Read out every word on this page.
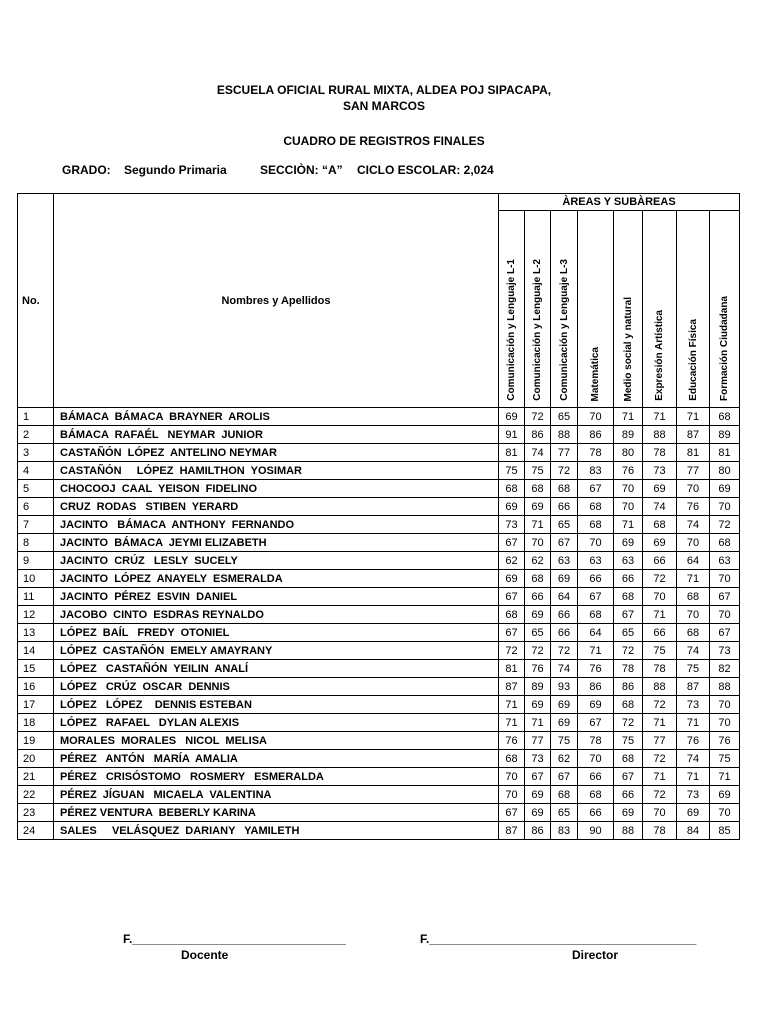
ESCUELA OFICIAL RURAL MIXTA, ALDEA POJ SIPACAPA,
SAN MARCOS
CUADRO DE REGISTROS FINALES
GRADO:    Segundo Primaria	SECCIÒN: “A” CICLO ESCOLAR: 2,024
No.	Nombres y Apellidos	ÀREAS Y SUBÀREAS							

		Comunicación y Lenguaje L-1	Comunicación y Lenguaje L-2	Comunicación y Lenguaje L-3	Matemática	Medio social y natural	Expresión Artística	Educación Física	Formación Ciudadana

1	BÁMACA  BÁMACA  BRAYNER  AROLIS	69	72	65	70	71	71	71	68
2	BÁMACA  RAFAÉL   NEYMAR  JUNIOR	91	86	88	86	89	88	87	89
3	CASTAÑÓN  LÓPEZ  ANTELINO NEYMAR	81	74	77	78	80	78	81	81
4	CASTAÑÓN     LÓPEZ  HAMILTHON  YOSIMAR	75	75	72	83	76	73	77	80
5	CHOCOOJ  CAAL  YEISON  FIDELINO	68	68	68	67	70	69	70	69
6	CRUZ  RODAS   STIBEN  YERARD	69	69	66	68	70	74	76	70
7	JACINTO   BÁMACA  ANTHONY  FERNANDO	73	71	65	68	71	68	74	72
8	JACINTO  BÁMACA  JEYMI ELIZABETH	67	70	67	70	69	69	70	68
9	JACINTO  CRÚZ   LESLY  SUCELY	62	62	63	63	63	66	64	63
10	JACINTO  LÓPEZ  ANAYELY  ESMERALDA	69	68	69	66	66	72	71	70
11	JACINTO  PÉREZ  ESVIN  DANIEL	67	66	64	67	68	70	68	67
12	JACOBO  CINTO  ESDRAS REYNALDO	68	69	66	68	67	71	70	70
13	LÓPEZ  BAÍL   FREDY  OTONIEL	67	65	66	64	65	66	68	67
14	LÓPEZ  CASTAÑÓN  EMELY AMAYRANY	72	72	72	71	72	75	74	73
15	LÓPEZ   CASTAÑÓN  YEILIN  ANALÍ	81	76	74	76	78	78	75	82
16	LÓPEZ   CRÚZ  OSCAR  DENNIS	87	89	93	86	86	88	87	88
17	LÓPEZ   LÓPEZ    DENNIS ESTEBAN	71	69	69	69	68	72	73	70
18	LÓPEZ   RAFAEL   DYLAN ALEXIS	71	71	69	67	72	71	71	70
19	MORALES  MORALES   NICOL  MELISA	76	77	75	78	75	77	76	76
20	PÉREZ   ANTÓN   MARÍA  AMALIA	68	73	62	70	68	72	74	75
21	PÉREZ   CRISÓSTOMO   ROSMERY   ESMERALDA	70	67	67	66	67	71	71	71
22	PÉREZ  JÍGUAN   MICAELA  VALENTINA	70	69	68	68	66	72	73	69
23	PÉREZ VENTURA  BEBERLY KARINA	67	69	65	66	69	70	69	70
24	SALES     VELÁSQUEZ  DARIANY   YAMILETH	87	86	83	90	88	78	84	85
F.________________________________
Docente
F.________________________________________
Director
